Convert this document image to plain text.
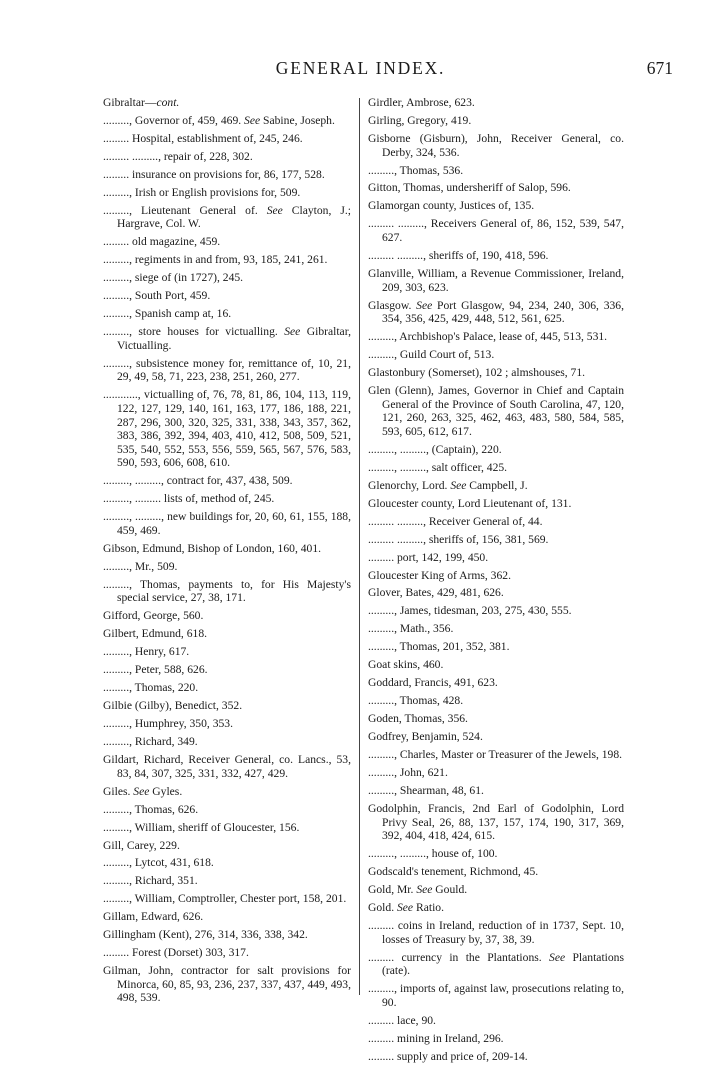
GENERAL INDEX.	671
Gibraltar—cont.
........., Governor of, 459, 469. See Sabine, Joseph.
......... Hospital, establishment of, 245, 246.
......... ........., repair of, 228, 302.
......... insurance on provisions for, 86, 177, 528.
........., Irish or English provisions for, 509.
........., Lieutenant General of. See Clayton, J.; Hargrave, Col. W.
......... old magazine, 459.
........., regiments in and from, 93, 185, 241, 261.
........., siege of (in 1727), 245.
........., South Port, 459.
........., Spanish camp at, 16.
........., store houses for victualling. See Gibraltar, Victualling.
........., subsistence money for, remittance of, 10, 21, 29, 49, 58, 71, 223, 238, 251, 260, 277.
............, victualling of, 76, 78, 81, 86, 104, 113, 119, 122, 127, 129, 140, 161, 163, 177, 186, 188, 221, 287, 296, 300, 320, 325, 331, 338, 343, 357, 362, 383, 386, 392, 394, 403, 410, 412, 508, 509, 521, 535, 540, 552, 553, 556, 559, 565, 567, 576, 583, 590, 593, 606, 608, 610.
........., ........., contract for, 437, 438, 509.
........., ......... lists of, method of, 245.
........., ........., new buildings for, 20, 60, 61, 155, 188, 459, 469.
Gibson, Edmund, Bishop of London, 160, 401.
........., Mr., 509.
........., Thomas, payments to, for His Majesty's special service, 27, 38, 171.
Gifford, George, 560.
Gilbert, Edmund, 618.
........., Henry, 617.
........., Peter, 588, 626.
........., Thomas, 220.
Gilbie (Gilby), Benedict, 352.
........., Humphrey, 350, 353.
........., Richard, 349.
Gildart, Richard, Receiver General, co. Lancs., 53, 83, 84, 307, 325, 331, 332, 427, 429.
Giles. See Gyles.
........., Thomas, 626.
........., William, sheriff of Gloucester, 156.
Gill, Carey, 229.
........., Lytcot, 431, 618.
........., Richard, 351.
........., William, Comptroller, Chester port, 158, 201.
Gillam, Edward, 626.
Gillingham (Kent), 276, 314, 336, 338, 342.
......... Forest (Dorset) 303, 317.
Gilman, John, contractor for salt provisions for Minorca, 60, 85, 93, 236, 237, 337, 437, 449, 493, 498, 539.
Girdler, Ambrose, 623.
Girling, Gregory, 419.
Gisborne (Gisburn), John, Receiver General, co. Derby, 324, 536.
........., Thomas, 536.
Gitton, Thomas, undersheriff of Salop, 596.
Glamorgan county, Justices of, 135.
......... ........., Receivers General of, 86, 152, 539, 547, 627.
......... ........., sheriffs of, 190, 418, 596.
Glanville, William, a Revenue Commissioner, Ireland, 209, 303, 623.
Glasgow. See Port Glasgow, 94, 234, 240, 306, 336, 354, 356, 425, 429, 448, 512, 561, 625.
........., Archbishop's Palace, lease of, 445, 513, 531.
........., Guild Court of, 513.
Glastonbury (Somerset), 102 ; almshouses, 71.
Glen (Glenn), James, Governor in Chief and Captain General of the Province of South Carolina, 47, 120, 121, 260, 263, 325, 462, 463, 483, 580, 584, 585, 593, 605, 612, 617.
........., ........., (Captain), 220.
........., ........., salt officer, 425.
Glenorchy, Lord. See Campbell, J.
Gloucester county, Lord Lieutenant of, 131.
......... ........., Receiver General of, 44.
......... ........., sheriffs of, 156, 381, 569.
......... port, 142, 199, 450.
Gloucester King of Arms, 362.
Glover, Bates, 429, 481, 626.
........., James, tidesman, 203, 275, 430, 555.
........., Math., 356.
........., Thomas, 201, 352, 381.
Goat skins, 460.
Goddard, Francis, 491, 623.
........., Thomas, 428.
Goden, Thomas, 356.
Godfrey, Benjamin, 524.
........., Charles, Master or Treasurer of the Jewels, 198.
........., John, 621.
........., Shearman, 48, 61.
Godolphin, Francis, 2nd Earl of Godolphin, Lord Privy Seal, 26, 88, 137, 157, 174, 190, 317, 369, 392, 404, 418, 424, 615.
........., ........., house of, 100.
Godscald's tenement, Richmond, 45.
Gold, Mr. See Gould.
Gold. See Ratio.
......... coins in Ireland, reduction of in 1737, Sept. 10, losses of Treasury by, 37, 38, 39.
......... currency in the Plantations. See Plantations (rate).
........., imports of, against law, prosecutions relating to, 90.
......... lace, 90.
......... mining in Ireland, 296.
......... supply and price of, 209-14.
